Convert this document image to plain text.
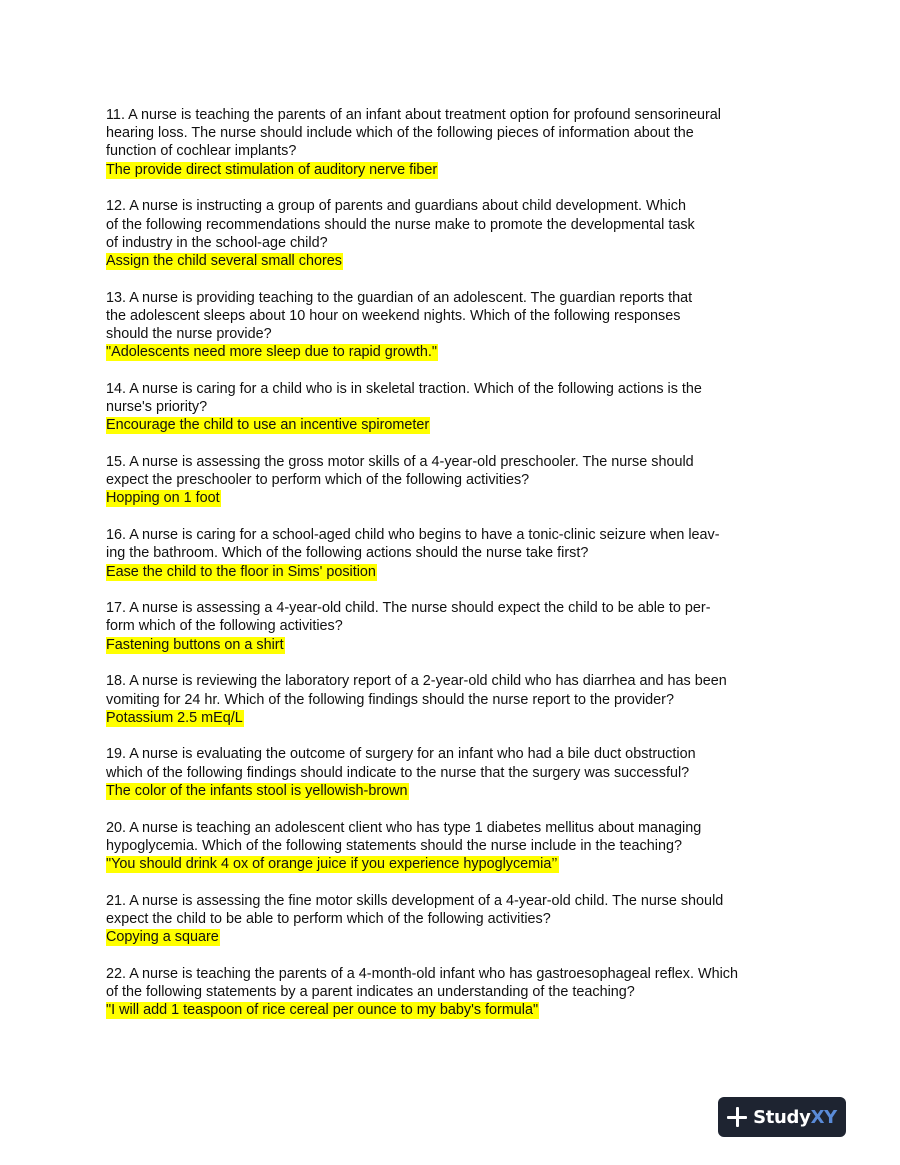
11. A nurse is teaching the parents of an infant about treatment option for profound sensorineural
hearing loss. The nurse should include which of the following pieces of information about the
function of cochlear implants?
The provide direct stimulation of auditory nerve fiber
12. A nurse is instructing a group of parents and guardians about child development. Which
of the following recommendations should the nurse make to promote the developmental task
of industry in the school-age child?
Assign the child several small chores
13. A nurse is providing teaching to the guardian of an adolescent. The guardian reports that
the adolescent sleeps about 10 hour on weekend nights. Which of the following responses
should the nurse provide?
"Adolescents need more sleep due to rapid growth."
14. A nurse is caring for a child who is in skeletal traction. Which of the following actions is the
nurse's priority?
Encourage the child to use an incentive spirometer
15. A nurse is assessing the gross motor skills of a 4-year-old preschooler. The nurse should
expect the preschooler to perform which of the following activities?
Hopping on 1 foot
16. A nurse is caring for a school-aged child who begins to have a tonic-clinic seizure when leav-
ing the bathroom. Which of the following actions should the nurse take first?
Ease the child to the floor in Sims' position
17. A nurse is assessing a 4-year-old child. The nurse should expect the child to be able to per-
form which of the following activities?
Fastening buttons on a shirt
18. A nurse is reviewing the laboratory report of a 2-year-old child who has diarrhea and has been
vomiting for 24 hr. Which of the following findings should the nurse report to the provider?
Potassium 2.5 mEq/L
19. A nurse is evaluating the outcome of surgery for an infant who had a bile duct obstruction
which of the following findings should indicate to the nurse that the surgery was successful?
The color of the infants stool is yellowish-brown
20. A nurse is teaching an adolescent client who has type 1 diabetes mellitus about managing
hypoglycemia. Which of the following statements should the nurse include in the teaching?
"You should drink 4 ox of orange juice if you experience hypoglycemia’’
21. A nurse is assessing the fine motor skills development of a 4-year-old child. The nurse should
expect the child to be able to perform which of the following activities?
Copying a square
22. A nurse is teaching the parents of a 4-month-old infant who has gastroesophageal reflex. Which
of the following statements by a parent indicates an understanding of the teaching?
"I will add 1 teaspoon of rice cereal per ounce to my baby's formula"
StudyXY
